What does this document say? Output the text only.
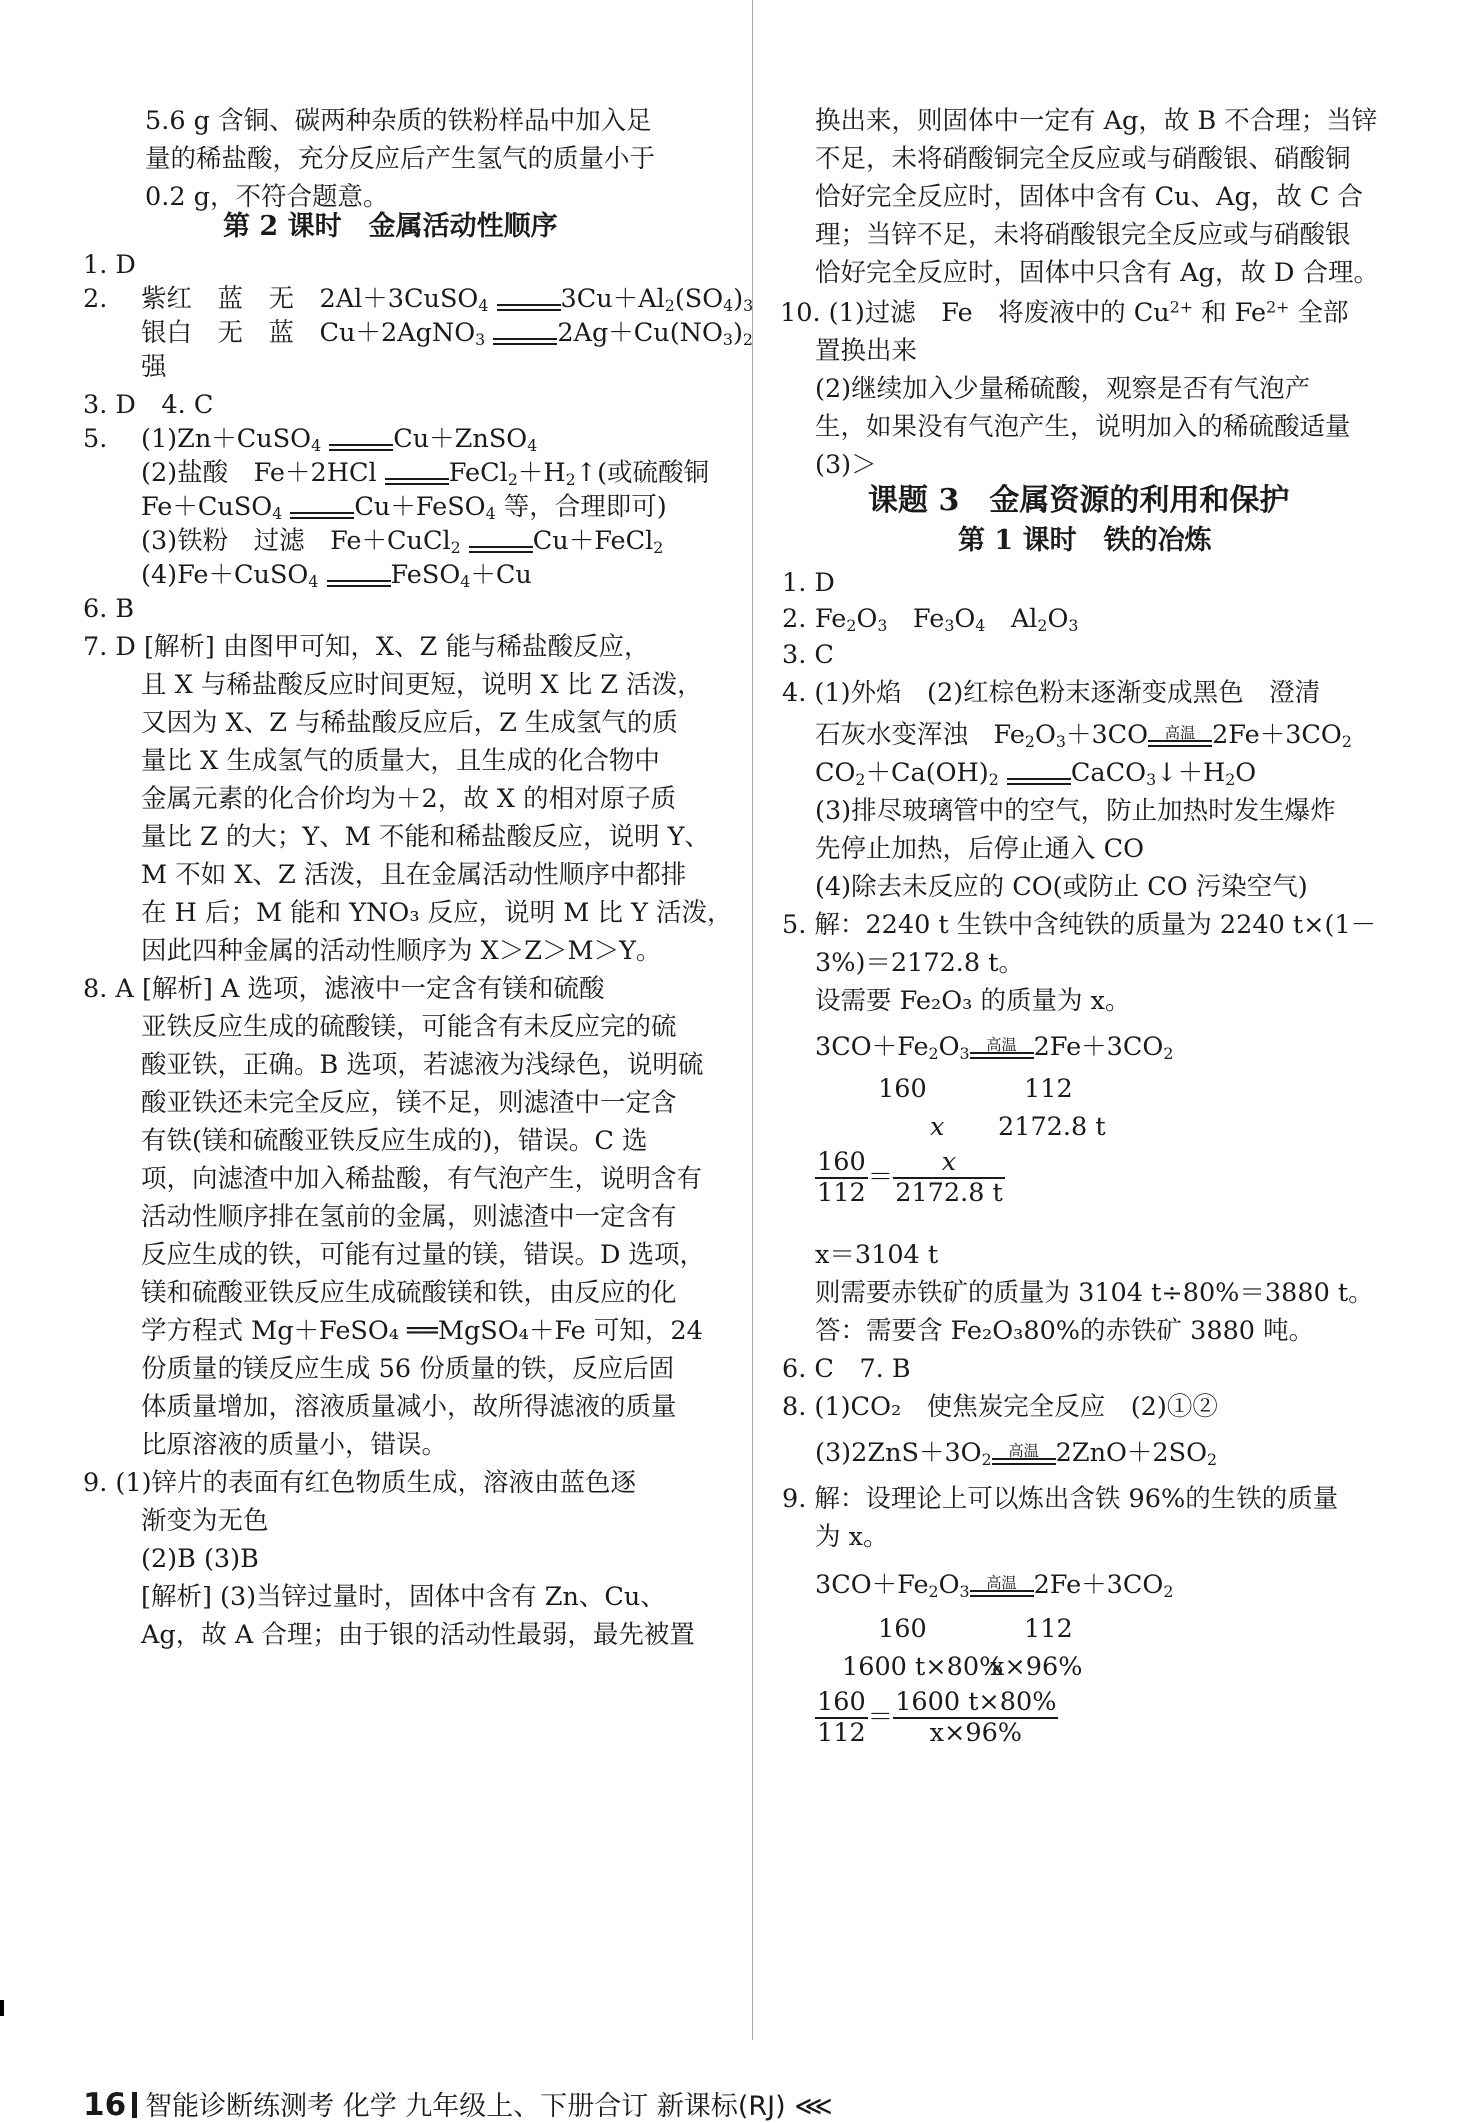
5.6 g 含铜、碳两种杂质的铁粉样品中加入足
量的稀盐酸，充分反应后产生氢气的质量小于
0.2 g，不符合题意。
第 2 课时　金属活动性顺序
1. D
2. 紫红　蓝　无　2Al＋3CuSO$_4$	$3Cu+Al_2(SO_4)_3$
银白　无　蓝　Cu＋2AgNO$_3$	$2Ag+Cu(NO_3)_2$
强
3. D　4. C
5. (1)Zn＋CuSO$_4$	Cu＋ZnSO$_4$
(2)盐酸　Fe＋2HCl	$FeCl_2+H_2↑$(或硫酸铜
Fe＋CuSO$_4$	Cu＋FeSO$_4$ 等，合理即可)
(3)铁粉　过滤　Fe＋CuCl$_2$	Cu＋FeCl$_2$
(4)Fe＋CuSO$_4$	FeSO$_4$＋Cu
6. B
7. D [解析] 由图甲可知，X、Z 能与稀盐酸反应，
且 X 与稀盐酸反应时间更短，说明 X 比 Z 活泼，
又因为 X、Z 与稀盐酸反应后，Z 生成氢气的质
量比 X 生成氢气的质量大，且生成的化合物中
金属元素的化合价均为＋2，故 X 的相对原子质
量比 Z 的大；Y、M 不能和稀盐酸反应，说明 Y、
M 不如 X、Z 活泼，且在金属活动性顺序中都排
在 H 后；M 能和 YNO₃ 反应，说明 M 比 Y 活泼，
因此四种金属的活动性顺序为 X＞Z＞M＞Y。
8. A [解析] A 选项，滤液中一定含有镁和硫酸
亚铁反应生成的硫酸镁，可能含有未反应完的硫
酸亚铁，正确。B 选项，若滤液为浅绿色，说明硫
酸亚铁还未完全反应，镁不足，则滤渣中一定含
有铁(镁和硫酸亚铁反应生成的)，错误。C 选
项，向滤渣中加入稀盐酸，有气泡产生，说明含有
活动性顺序排在氢前的金属，则滤渣中一定含有
反应生成的铁，可能有过量的镁，错误。D 选项，
镁和硫酸亚铁反应生成硫酸镁和铁，由反应的化
学方程式 Mg＋FeSO₄ ══MgSO₄＋Fe 可知，24
份质量的镁反应生成 56 份质量的铁，反应后固
体质量增加，溶液质量减小，故所得滤液的质量
比原溶液的质量小，错误。
9. (1)锌片的表面有红色物质生成，溶液由蓝色逐
渐变为无色
(2)B (3)B
[解析] (3)当锌过量时，固体中含有 Zn、Cu、
Ag，故 A 合理；由于银的活动性最弱，最先被置
换出来，则固体中一定有 Ag，故 B 不合理；当锌
不足，未将硝酸铜完全反应或与硝酸银、硝酸铜
恰好完全反应时，固体中含有 Cu、Ag，故 C 合
理；当锌不足，未将硝酸银完全反应或与硝酸银
恰好完全反应时，固体中只含有 Ag，故 D 合理。
10. (1)过滤　Fe　将废液中的 $Cu^{2+}$ 和 $Fe^{2+}$ 全部
置换出来
(2)继续加入少量稀硫酸，观察是否有气泡产
生，如果没有气泡产生，说明加入的稀硫酸适量
(3)＞
课题 3　金属资源的利用和保护
第 1 课时　铁的冶炼
1. D
2. $Fe_2O_3$　$Fe_3O_4$　$Al_2O_3$
3. C
4. (1)外焰　(2)红棕色粉末逐渐变成黑色　澄清
石灰水变浑浊　$Fe_2O_3+3CO$	高温 $2Fe+3CO_2$
$CO_2+Ca(OH)_2$	$CaCO_3↓+H_2O$
(3)排尽玻璃管中的空气，防止加热时发生爆炸
先停止加热，后停止通入 CO
(4)除去未反应的 CO(或防止 CO 污染空气)
5. 解：2240 t 生铁中含纯铁的质量为 2240 t×(1－
3%)＝2172.8 t。
设需要 Fe₂O₃ 的质量为 x。
$3CO+Fe_2O_3$	高温 $2Fe+3CO_2$
160	112
x 2172.8 t
$\frac{160}{112} = \frac{x}{2172.8 t}$
x＝3104 t
则需要赤铁矿的质量为 3104 t÷80%＝3880 t。
答：需要含 Fe₂O₃80%的赤铁矿 3880 吨。
6. C　7. B
8. (1)CO₂　使焦炭完全反应　(2)①②
$(3)2ZnS+3O_2$	高温 $2ZnO+2SO_2$
9. 解：设理论上可以炼出含铁 96%的生铁的质量
为 x。
$3CO+Fe_2O_3$	高温 $2Fe+3CO_2$
160	112
1600 t×80%
x×96%
$\frac{160}{112} = \frac{1600 t\times 80\%}{x\times 96\%}$
16 智能诊断练测考 化学 九年级上、下册合订 新课标(RJ) ⋘
